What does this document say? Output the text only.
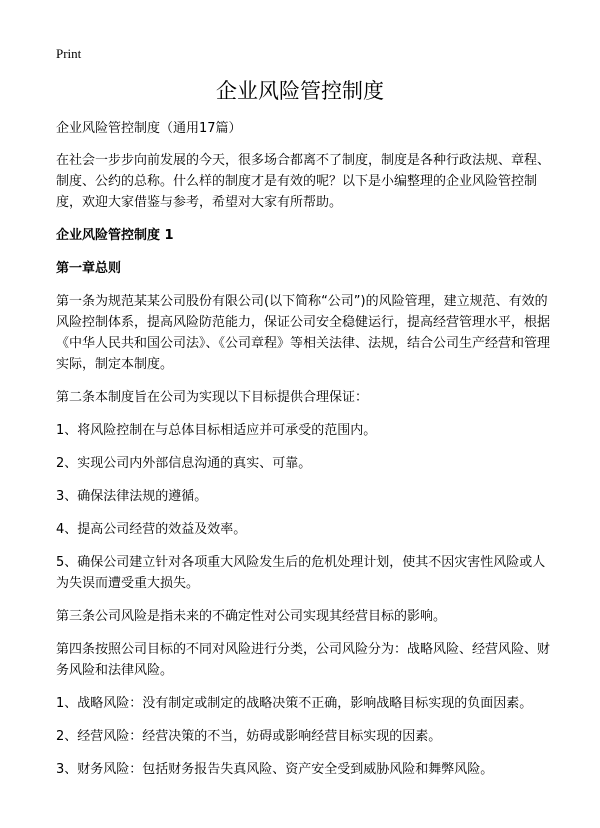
Print
企业风险管控制度

企业风险管控制度（通用17篇）

在社会一步步向前发展的今天，很多场合都离不了制度，制度是各种行政法规、章程、制度、公约的总称。什么样的制度才是有效的呢？以下是小编整理的企业风险管控制度，欢迎大家借鉴与参考，希望对大家有所帮助。

企业风险管控制度 1

第一章总则

第一条为规范某某公司股份有限公司(以下简称“公司”)的风险管理，建立规范、有效的风险控制体系，提高风险防范能力，保证公司安全稳健运行，提高经营管理水平，根据《中华人民共和国公司法》、《公司章程》等相关法律、法规，结合公司生产经营和管理实际，制定本制度。

第二条本制度旨在公司为实现以下目标提供合理保证：

1、将风险控制在与总体目标相适应并可承受的范围内。

2、实现公司内外部信息沟通的真实、可靠。

3、确保法律法规的遵循。

4、提高公司经营的效益及效率。

5、确保公司建立针对各项重大风险发生后的危机处理计划，使其不因灾害性风险或人为失误而遭受重大损失。

第三条公司风险是指未来的不确定性对公司实现其经营目标的影响。

第四条按照公司目标的不同对风险进行分类，公司风险分为：战略风险、经营风险、财务风险和法律风险。

1、战略风险：没有制定或制定的战略决策不正确，影响战略目标实现的负面因素。

2、经营风险：经营决策的不当，妨碍或影响经营目标实现的因素。

3、财务风险：包括财务报告失真风险、资产安全受到威胁风险和舞弊风险。
